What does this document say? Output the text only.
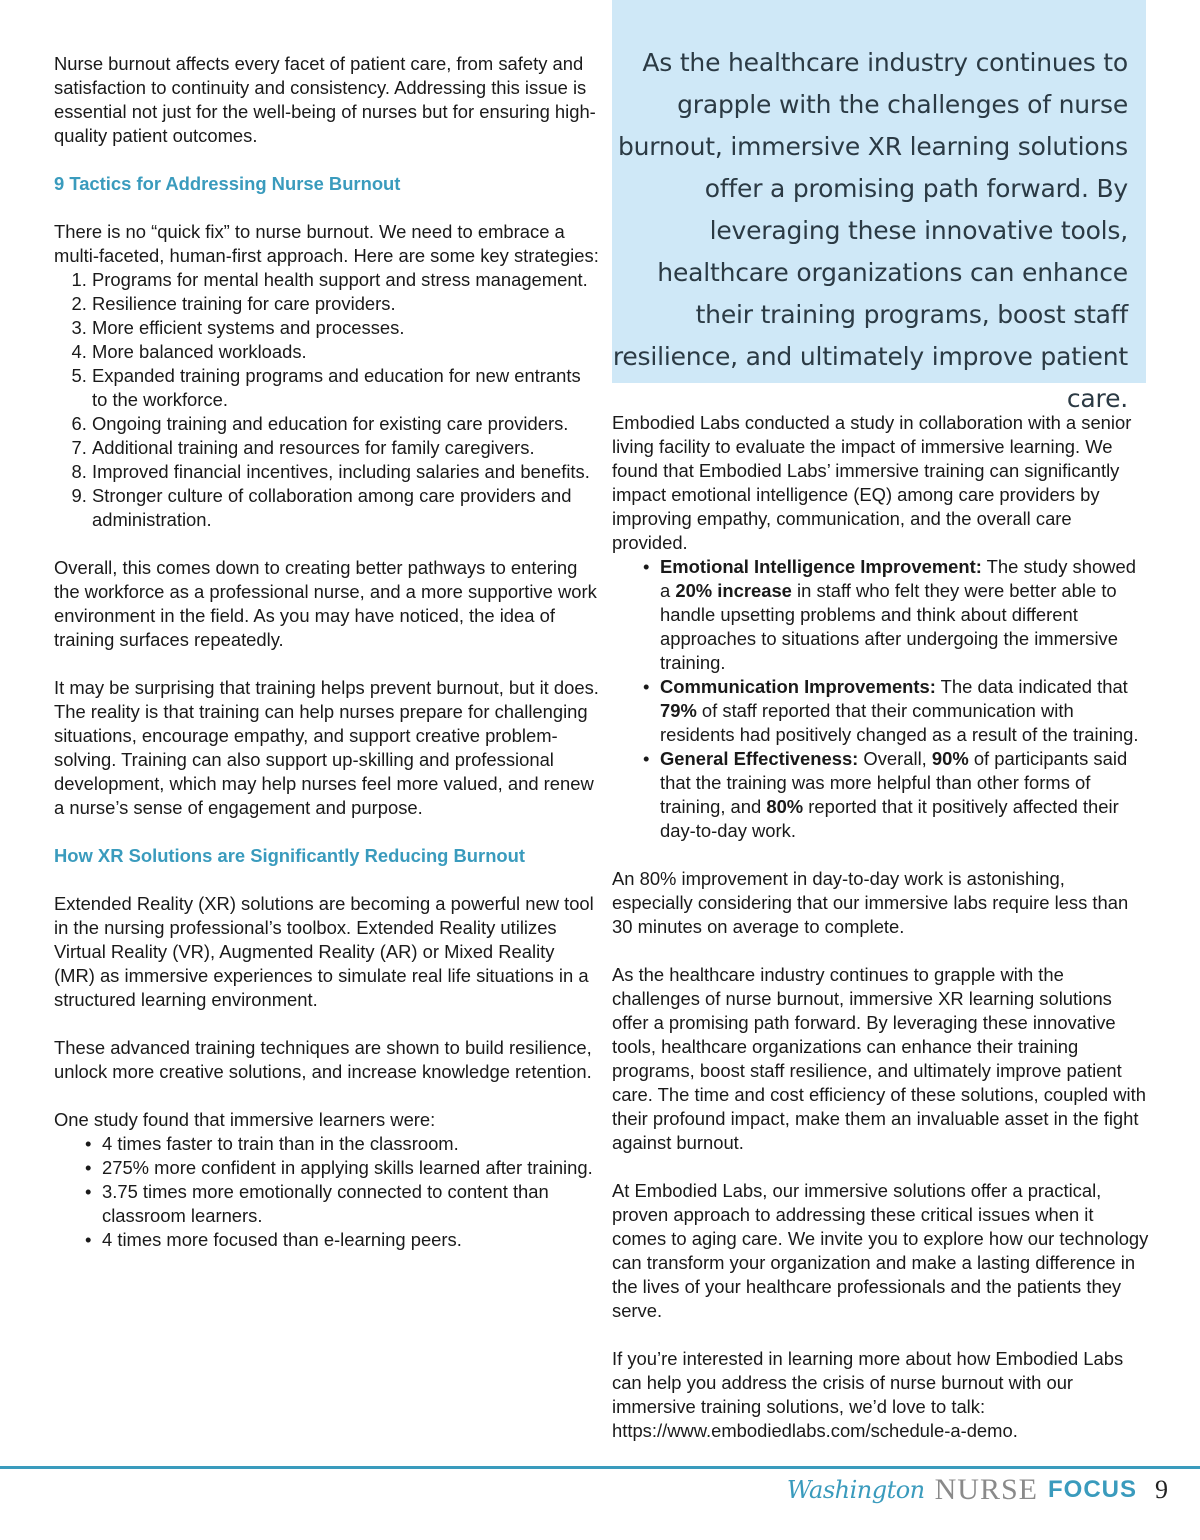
Nurse burnout affects every facet of patient care, from safety and satisfaction to continuity and consistency. Addressing this issue is essential not just for the well-being of nurses but for ensuring high-quality patient outcomes.

9 Tactics for Addressing Nurse Burnout

There is no “quick fix” to nurse burnout. We need to embrace a multi-faceted, human-first approach. Here are some key strategies:

1. Programs for mental health support and stress management.
2. Resilience training for care providers.
3. More efficient systems and processes.
4. More balanced workloads.
5. Expanded training programs and education for new entrants to the workforce.
6. Ongoing training and education for existing care providers.
7. Additional training and resources for family caregivers.
8. Improved financial incentives, including salaries and benefits.
9. Stronger culture of collaboration among care providers and administration.

Overall, this comes down to creating better pathways to entering the workforce as a professional nurse, and a more supportive work environment in the field. As you may have noticed, the idea of training surfaces repeatedly.

It may be surprising that training helps prevent burnout, but it does. The reality is that training can help nurses prepare for challenging situations, encourage empathy, and support creative problem-solving. Training can also support up-skilling and professional development, which may help nurses feel more valued, and renew a nurse’s sense of engagement and purpose.

How XR Solutions are Significantly Reducing Burnout

Extended Reality (XR) solutions are becoming a powerful new tool in the nursing professional’s toolbox. Extended Reality utilizes Virtual Reality (VR), Augmented Reality (AR) or Mixed Reality (MR) as immersive experiences to simulate real life situations in a structured learning environment.

These advanced training techniques are shown to build resilience, unlock more creative solutions, and increase knowledge retention.

One study found that immersive learners were:

• 4 times faster to train than in the classroom.
• 275% more confident in applying skills learned after training.
• 3.75 times more emotionally connected to content than classroom learners.
• 4 times more focused than e-learning peers.

As the healthcare industry continues to grapple with the challenges of nurse burnout, immersive XR learning solutions offer a promising path forward. By leveraging these innovative tools, healthcare organizations can enhance their training programs, boost staff resilience, and ultimately improve patient care.

Embodied Labs conducted a study in collaboration with a senior living facility to evaluate the impact of immersive learning. We found that Embodied Labs’ immersive training can significantly impact emotional intelligence (EQ) among care providers by improving empathy, communication, and the overall care provided.

• Emotional Intelligence Improvement: The study showed a 20% increase in staff who felt they were better able to handle upsetting problems and think about different approaches to situations after undergoing the immersive training.
• Communication Improvements: The data indicated that 79% of staff reported that their communication with residents had positively changed as a result of the training.
• General Effectiveness: Overall, 90% of participants said that the training was more helpful than other forms of training, and 80% reported that it positively affected their day-to-day work.

An 80% improvement in day-to-day work is astonishing, especially considering that our immersive labs require less than 30 minutes on average to complete.

As the healthcare industry continues to grapple with the challenges of nurse burnout, immersive XR learning solutions offer a promising path forward. By leveraging these innovative tools, healthcare organizations can enhance their training programs, boost staff resilience, and ultimately improve patient care. The time and cost efficiency of these solutions, coupled with their profound impact, make them an invaluable asset in the fight against burnout.

At Embodied Labs, our immersive solutions offer a practical, proven approach to addressing these critical issues when it comes to aging care. We invite you to explore how our technology can transform your organization and make a lasting difference in the lives of your healthcare professionals and the patients they serve.

If you’re interested in learning more about how Embodied Labs can help you address the crisis of nurse burnout with our immersive training solutions, we’d love to talk: https://www.embodiedlabs.com/schedule-a-demo.

Washington NURSE FOCUS 9
